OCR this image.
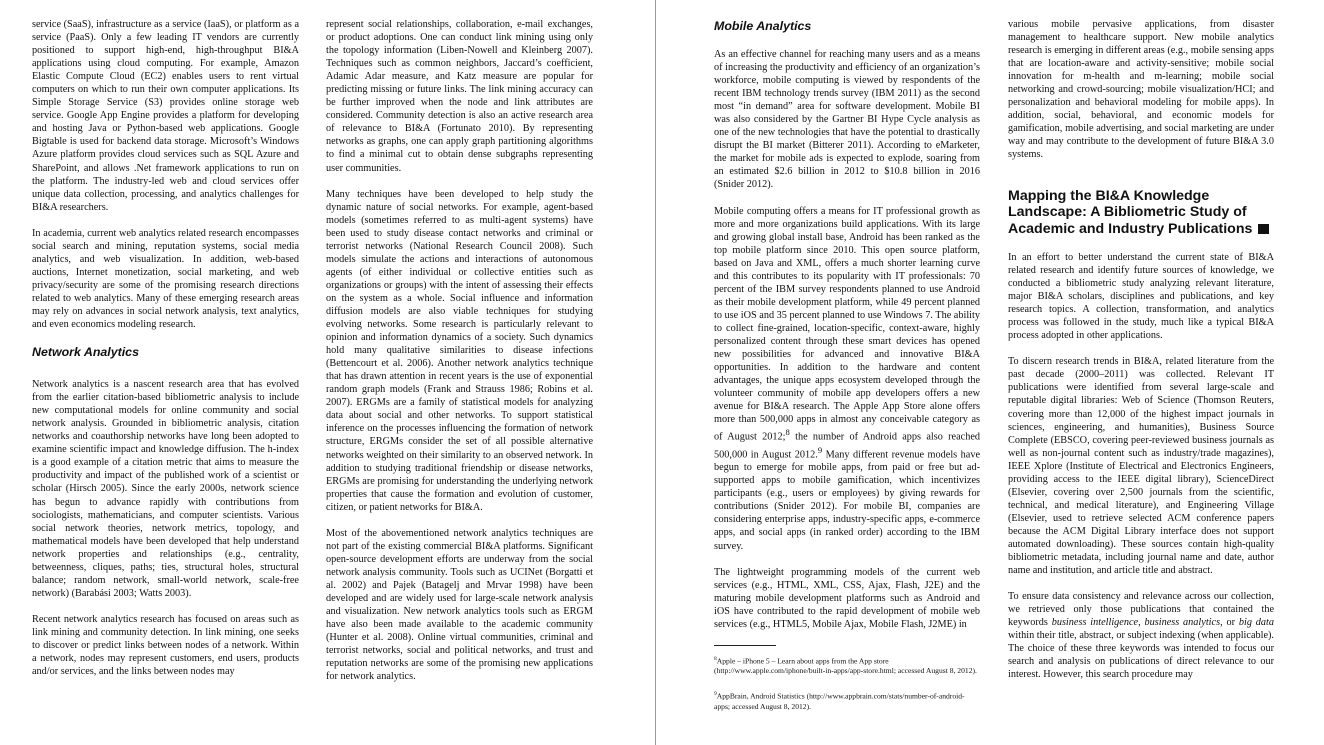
service (SaaS), infrastructure as a service (IaaS), or platform as a service (PaaS). Only a few leading IT vendors are currently positioned to support high-end, high-throughput BI&A applications using cloud computing. For example, Amazon Elastic Compute Cloud (EC2) enables users to rent virtual computers on which to run their own computer applications. Its Simple Storage Service (S3) provides online storage web service. Google App Engine provides a platform for developing and hosting Java or Python-based web applications. Google Bigtable is used for backend data storage. Microsoft’s Windows Azure platform provides cloud services such as SQL Azure and SharePoint, and allows .Net framework applications to run on the platform. The industry-led web and cloud services offer unique data collection, processing, and analytics challenges for BI&A researchers.

In academia, current web analytics related research encompasses social search and mining, reputation systems, social media analytics, and web visualization. In addition, web-based auctions, Internet monetization, social marketing, and web privacy/security are some of the promising research directions related to web analytics. Many of these emerging research areas may rely on advances in social network analysis, text analytics, and even economics modeling research.

Network Analytics

Network analytics is a nascent research area that has evolved from the earlier citation-based bibliometric analysis to include new computational models for online community and social network analysis. Grounded in bibliometric analysis, citation networks and coauthorship networks have long been adopted to examine scientific impact and knowledge diffusion. The h-index is a good example of a citation metric that aims to measure the productivity and impact of the published work of a scientist or scholar (Hirsch 2005). Since the early 2000s, network science has begun to advance rapidly with contributions from sociologists, mathematicians, and computer scientists. Various social network theories, network metrics, topology, and mathematical models have been developed that help understand network properties and relationships (e.g., centrality, betweenness, cliques, paths; ties, structural holes, structural balance; random network, small-world network, scale-free network) (Barabási 2003; Watts 2003).

Recent network analytics research has focused on areas such as link mining and community detection. In link mining, one seeks to discover or predict links between nodes of a network. Within a network, nodes may represent customers, end users, products and/or services, and the links between nodes may

represent social relationships, collaboration, e-mail exchanges, or product adoptions. One can conduct link mining using only the topology information (Liben-Nowell and Kleinberg 2007). Techniques such as common neighbors, Jaccard’s coefficient, Adamic Adar measure, and Katz measure are popular for predicting missing or future links. The link mining accuracy can be further improved when the node and link attributes are considered. Community detection is also an active research area of relevance to BI&A (Fortunato 2010). By representing networks as graphs, one can apply graph partitioning algorithms to find a minimal cut to obtain dense subgraphs representing user communities.

Many techniques have been developed to help study the dynamic nature of social networks. For example, agent-based models (sometimes referred to as multi-agent systems) have been used to study disease contact networks and criminal or terrorist networks (National Research Council 2008). Such models simulate the actions and interactions of autonomous agents (of either individual or collective entities such as organizations or groups) with the intent of assessing their effects on the system as a whole. Social influence and information diffusion models are also viable techniques for studying evolving networks. Some research is particularly relevant to opinion and information dynamics of a society. Such dynamics hold many qualitative similarities to disease infections (Bettencourt et al. 2006). Another network analytics technique that has drawn attention in recent years is the use of exponential random graph models (Frank and Strauss 1986; Robins et al. 2007). ERGMs are a family of statistical models for analyzing data about social and other networks. To support statistical inference on the processes influencing the formation of network structure, ERGMs consider the set of all possible alternative networks weighted on their similarity to an observed network. In addition to studying traditional friendship or disease networks, ERGMs are promising for understanding the underlying network properties that cause the formation and evolution of customer, citizen, or patient networks for BI&A.

Most of the abovementioned network analytics techniques are not part of the existing commercial BI&A platforms. Significant open-source development efforts are underway from the social network analysis community. Tools such as UCINet (Borgatti et al. 2002) and Pajek (Batagelj and Mrvar 1998) have been developed and are widely used for large-scale network analysis and visualization. New network analytics tools such as ERGM have also been made available to the academic community (Hunter et al. 2008). Online virtual communities, criminal and terrorist networks, social and political networks, and trust and reputation networks are some of the promising new applications for network analytics.

Mobile Analytics

As an effective channel for reaching many users and as a means of increasing the productivity and efficiency of an organization’s workforce, mobile computing is viewed by respondents of the recent IBM technology trends survey (IBM 2011) as the second most “in demand” area for software development. Mobile BI was also considered by the Gartner BI Hype Cycle analysis as one of the new technologies that have the potential to drastically disrupt the BI market (Bitterer 2011). According to eMarketer, the market for mobile ads is expected to explode, soaring from an estimated $2.6 billion in 2012 to $10.8 billion in 2016 (Snider 2012).

Mobile computing offers a means for IT professional growth as more and more organizations build applications. With its large and growing global install base, Android has been ranked as the top mobile platform since 2010. This open source platform, based on Java and XML, offers a much shorter learning curve and this contributes to its popularity with IT professionals: 70 percent of the IBM survey respondents planned to use Android as their mobile development platform, while 49 percent planned to use iOS and 35 percent planned to use Windows 7. The ability to collect fine-grained, location-specific, context-aware, highly personalized content through these smart devices has opened new possibilities for advanced and innovative BI&A opportunities. In addition to the hardware and content advantages, the unique apps ecosystem developed through the volunteer community of mobile app developers offers a new avenue for BI&A research. The Apple App Store alone offers more than 500,000 apps in almost any conceivable category as of August 2012;$^8$ the number of Android apps also reached 500,000 in August 2012.$^9$ Many different revenue models have begun to emerge for mobile apps, from paid or free but ad-supported apps to mobile gamification, which incentivizes participants (e.g., users or employees) by giving rewards for contributions (Snider 2012). For mobile BI, companies are considering enterprise apps, industry-specific apps, e-commerce apps, and social apps (in ranked order) according to the IBM survey.

The lightweight programming models of the current web services (e.g., HTML, XML, CSS, Ajax, Flash, J2E) and the maturing mobile development platforms such as Android and iOS have contributed to the rapid development of mobile web services (e.g., HTML5, Mobile Ajax, Mobile Flash, J2ME) in

$^8$Apple – iPhone 5 – Learn about apps from the App store (http://www.apple.com/iphone/built-in-apps/app-store.html; accessed August 8, 2012).

$^9$AppBrain, Android Statistics (http://www.appbrain.com/stats/number-of-android-apps; accessed August 8, 2012).

various mobile pervasive applications, from disaster management to healthcare support. New mobile analytics research is emerging in different areas (e.g., mobile sensing apps that are location-aware and activity-sensitive; mobile social innovation for m-health and m-learning; mobile social networking and crowd-sourcing; mobile visualization/HCI; and personalization and behavioral modeling for mobile apps). In addition, social, behavioral, and economic models for gamification, mobile advertising, and social marketing are under way and may contribute to the development of future BI&A 3.0 systems.

Mapping the BI&A Knowledge Landscape: A Bibliometric Study of Academic and Industry Publications

In an effort to better understand the current state of BI&A related research and identify future sources of knowledge, we conducted a bibliometric study analyzing relevant literature, major BI&A scholars, disciplines and publications, and key research topics. A collection, transformation, and analytics process was followed in the study, much like a typical BI&A process adopted in other applications.

To discern research trends in BI&A, related literature from the past decade (2000–2011) was collected. Relevant IT publications were identified from several large-scale and reputable digital libraries: Web of Science (Thomson Reuters, covering more than 12,000 of the highest impact journals in sciences, engineering, and humanities), Business Source Complete (EBSCO, covering peer-reviewed business journals as well as non-journal content such as industry/trade magazines), IEEE Xplore (Institute of Electrical and Electronics Engineers, providing access to the IEEE digital library), ScienceDirect (Elsevier, covering over 2,500 journals from the scientific, technical, and medical literature), and Engineering Village (Elsevier, used to retrieve selected ACM conference papers because the ACM Digital Library interface does not support automated downloading). These sources contain high-quality bibliometric metadata, including journal name and date, author name and institution, and article title and abstract.

To ensure data consistency and relevance across our collection, we retrieved only those publications that contained the keywords business intelligence, business analytics, or big data within their title, abstract, or subject indexing (when applicable). The choice of these three keywords was intended to focus our search and analysis on publications of direct relevance to our interest. However, this search procedure may
